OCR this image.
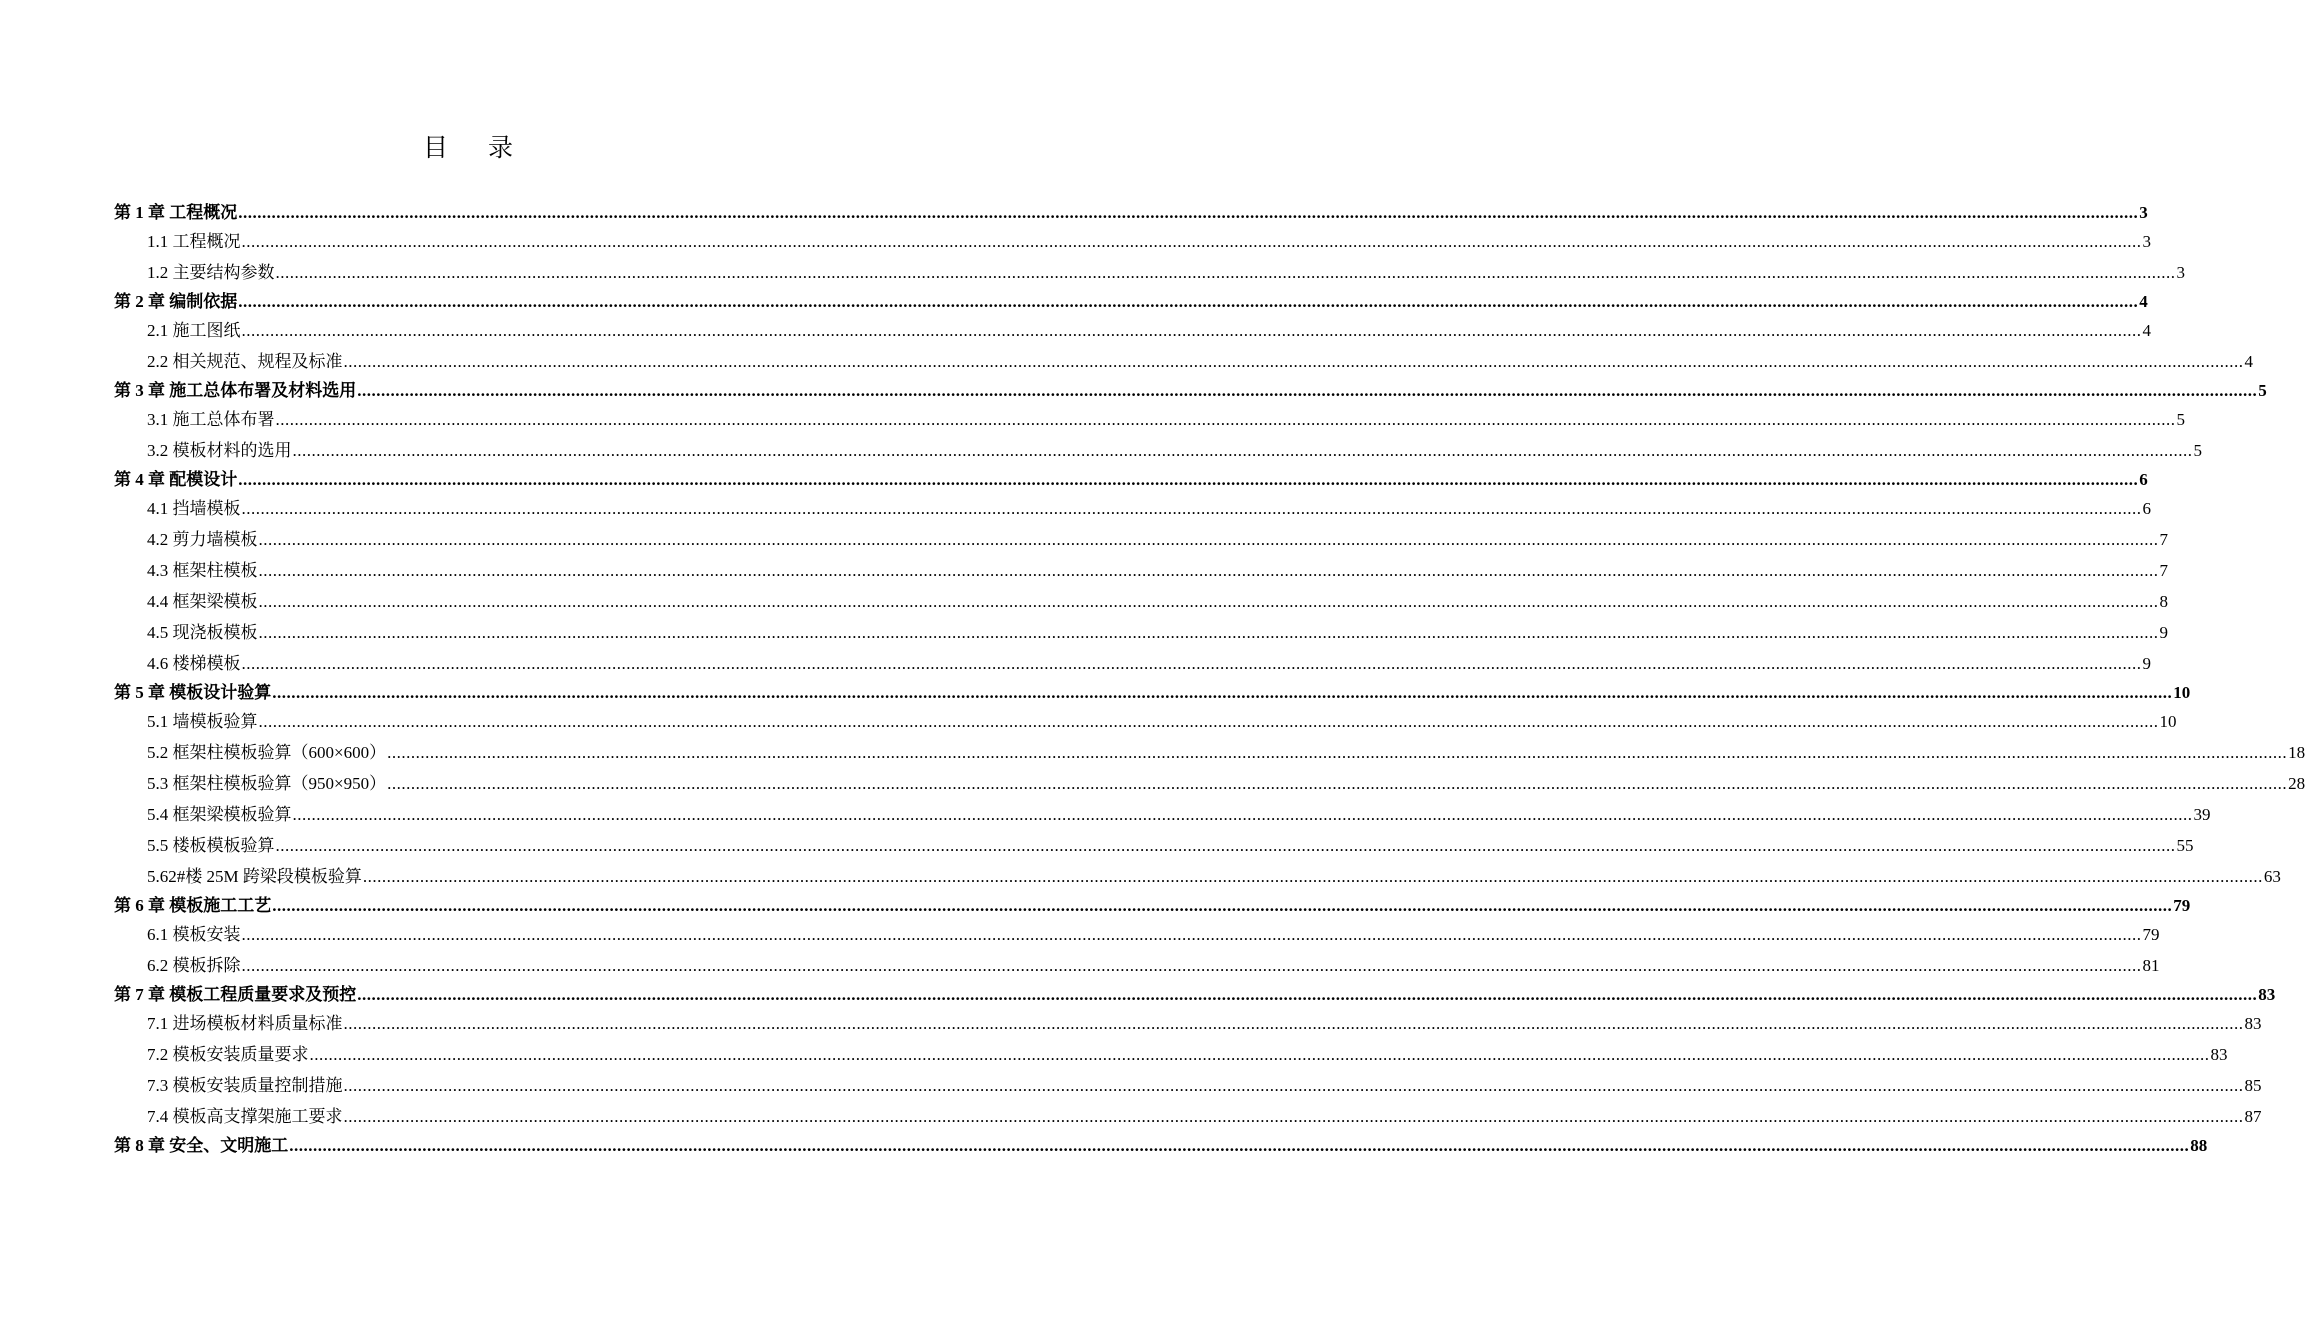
目录
第 1 章 工程概况 ................................................................................................................................................................................................................................................................................................................................................................................................................ 3
1.1 工程概况 ................................................................................................................................................................................................................................................................................................................................................................................................................ 3
1.2 主要结构参数 ................................................................................................................................................................................................................................................................................................................................................................................................................ 3
第 2 章 编制依据 ................................................................................................................................................................................................................................................................................................................................................................................................................ 4
2.1 施工图纸 ................................................................................................................................................................................................................................................................................................................................................................................................................ 4
2.2 相关规范、规程及标准 ................................................................................................................................................................................................................................................................................................................................................................................................................ 4
第 3 章 施工总体布署及材料选用 ................................................................................................................................................................................................................................................................................................................................................................................................................ 5
3.1 施工总体布署 ................................................................................................................................................................................................................................................................................................................................................................................................................ 5
3.2 模板材料的选用 ................................................................................................................................................................................................................................................................................................................................................................................................................ 5
第 4 章 配模设计 ................................................................................................................................................................................................................................................................................................................................................................................................................ 6
4.1 挡墙模板 ................................................................................................................................................................................................................................................................................................................................................................................................................ 6
4.2 剪力墙模板 ................................................................................................................................................................................................................................................................................................................................................................................................................ 7
4.3 框架柱模板 ................................................................................................................................................................................................................................................................................................................................................................................................................ 7
4.4 框架梁模板 ................................................................................................................................................................................................................................................................................................................................................................................................................ 8
4.5 现浇板模板 ................................................................................................................................................................................................................................................................................................................................................................................................................ 9
4.6 楼梯模板 ................................................................................................................................................................................................................................................................................................................................................................................................................ 9
第 5 章 模板设计验算 ................................................................................................................................................................................................................................................................................................................................................................................................................ 10
5.1 墙模板验算 ................................................................................................................................................................................................................................................................................................................................................................................................................ 10
5.2 框架柱模板验算（600×600） ................................................................................................................................................................................................................................................................................................................................................................................................................ 18
5.3 框架柱模板验算（950×950） ................................................................................................................................................................................................................................................................................................................................................................................................................ 28
5.4 框架梁模板验算 ................................................................................................................................................................................................................................................................................................................................................................................................................ 39
5.5 楼板模板验算 ................................................................................................................................................................................................................................................................................................................................................................................................................ 55
5.62#楼 25M 跨梁段模板验算 ................................................................................................................................................................................................................................................................................................................................................................................................................ 63
第 6 章 模板施工工艺 ................................................................................................................................................................................................................................................................................................................................................................................................................ 79
6.1 模板安装 ................................................................................................................................................................................................................................................................................................................................................................................................................ 79
6.2 模板拆除 ................................................................................................................................................................................................................................................................................................................................................................................................................ 81
第 7 章 模板工程质量要求及预控 ................................................................................................................................................................................................................................................................................................................................................................................................................ 83
7.1 进场模板材料质量标准 ................................................................................................................................................................................................................................................................................................................................................................................................................ 83
7.2 模板安装质量要求 ................................................................................................................................................................................................................................................................................................................................................................................................................ 83
7.3 模板安装质量控制措施 ................................................................................................................................................................................................................................................................................................................................................................................................................ 85
7.4 模板高支撑架施工要求 ................................................................................................................................................................................................................................................................................................................................................................................................................ 87
第 8 章 安全、文明施工 ................................................................................................................................................................................................................................................................................................................................................................................................................ 88
